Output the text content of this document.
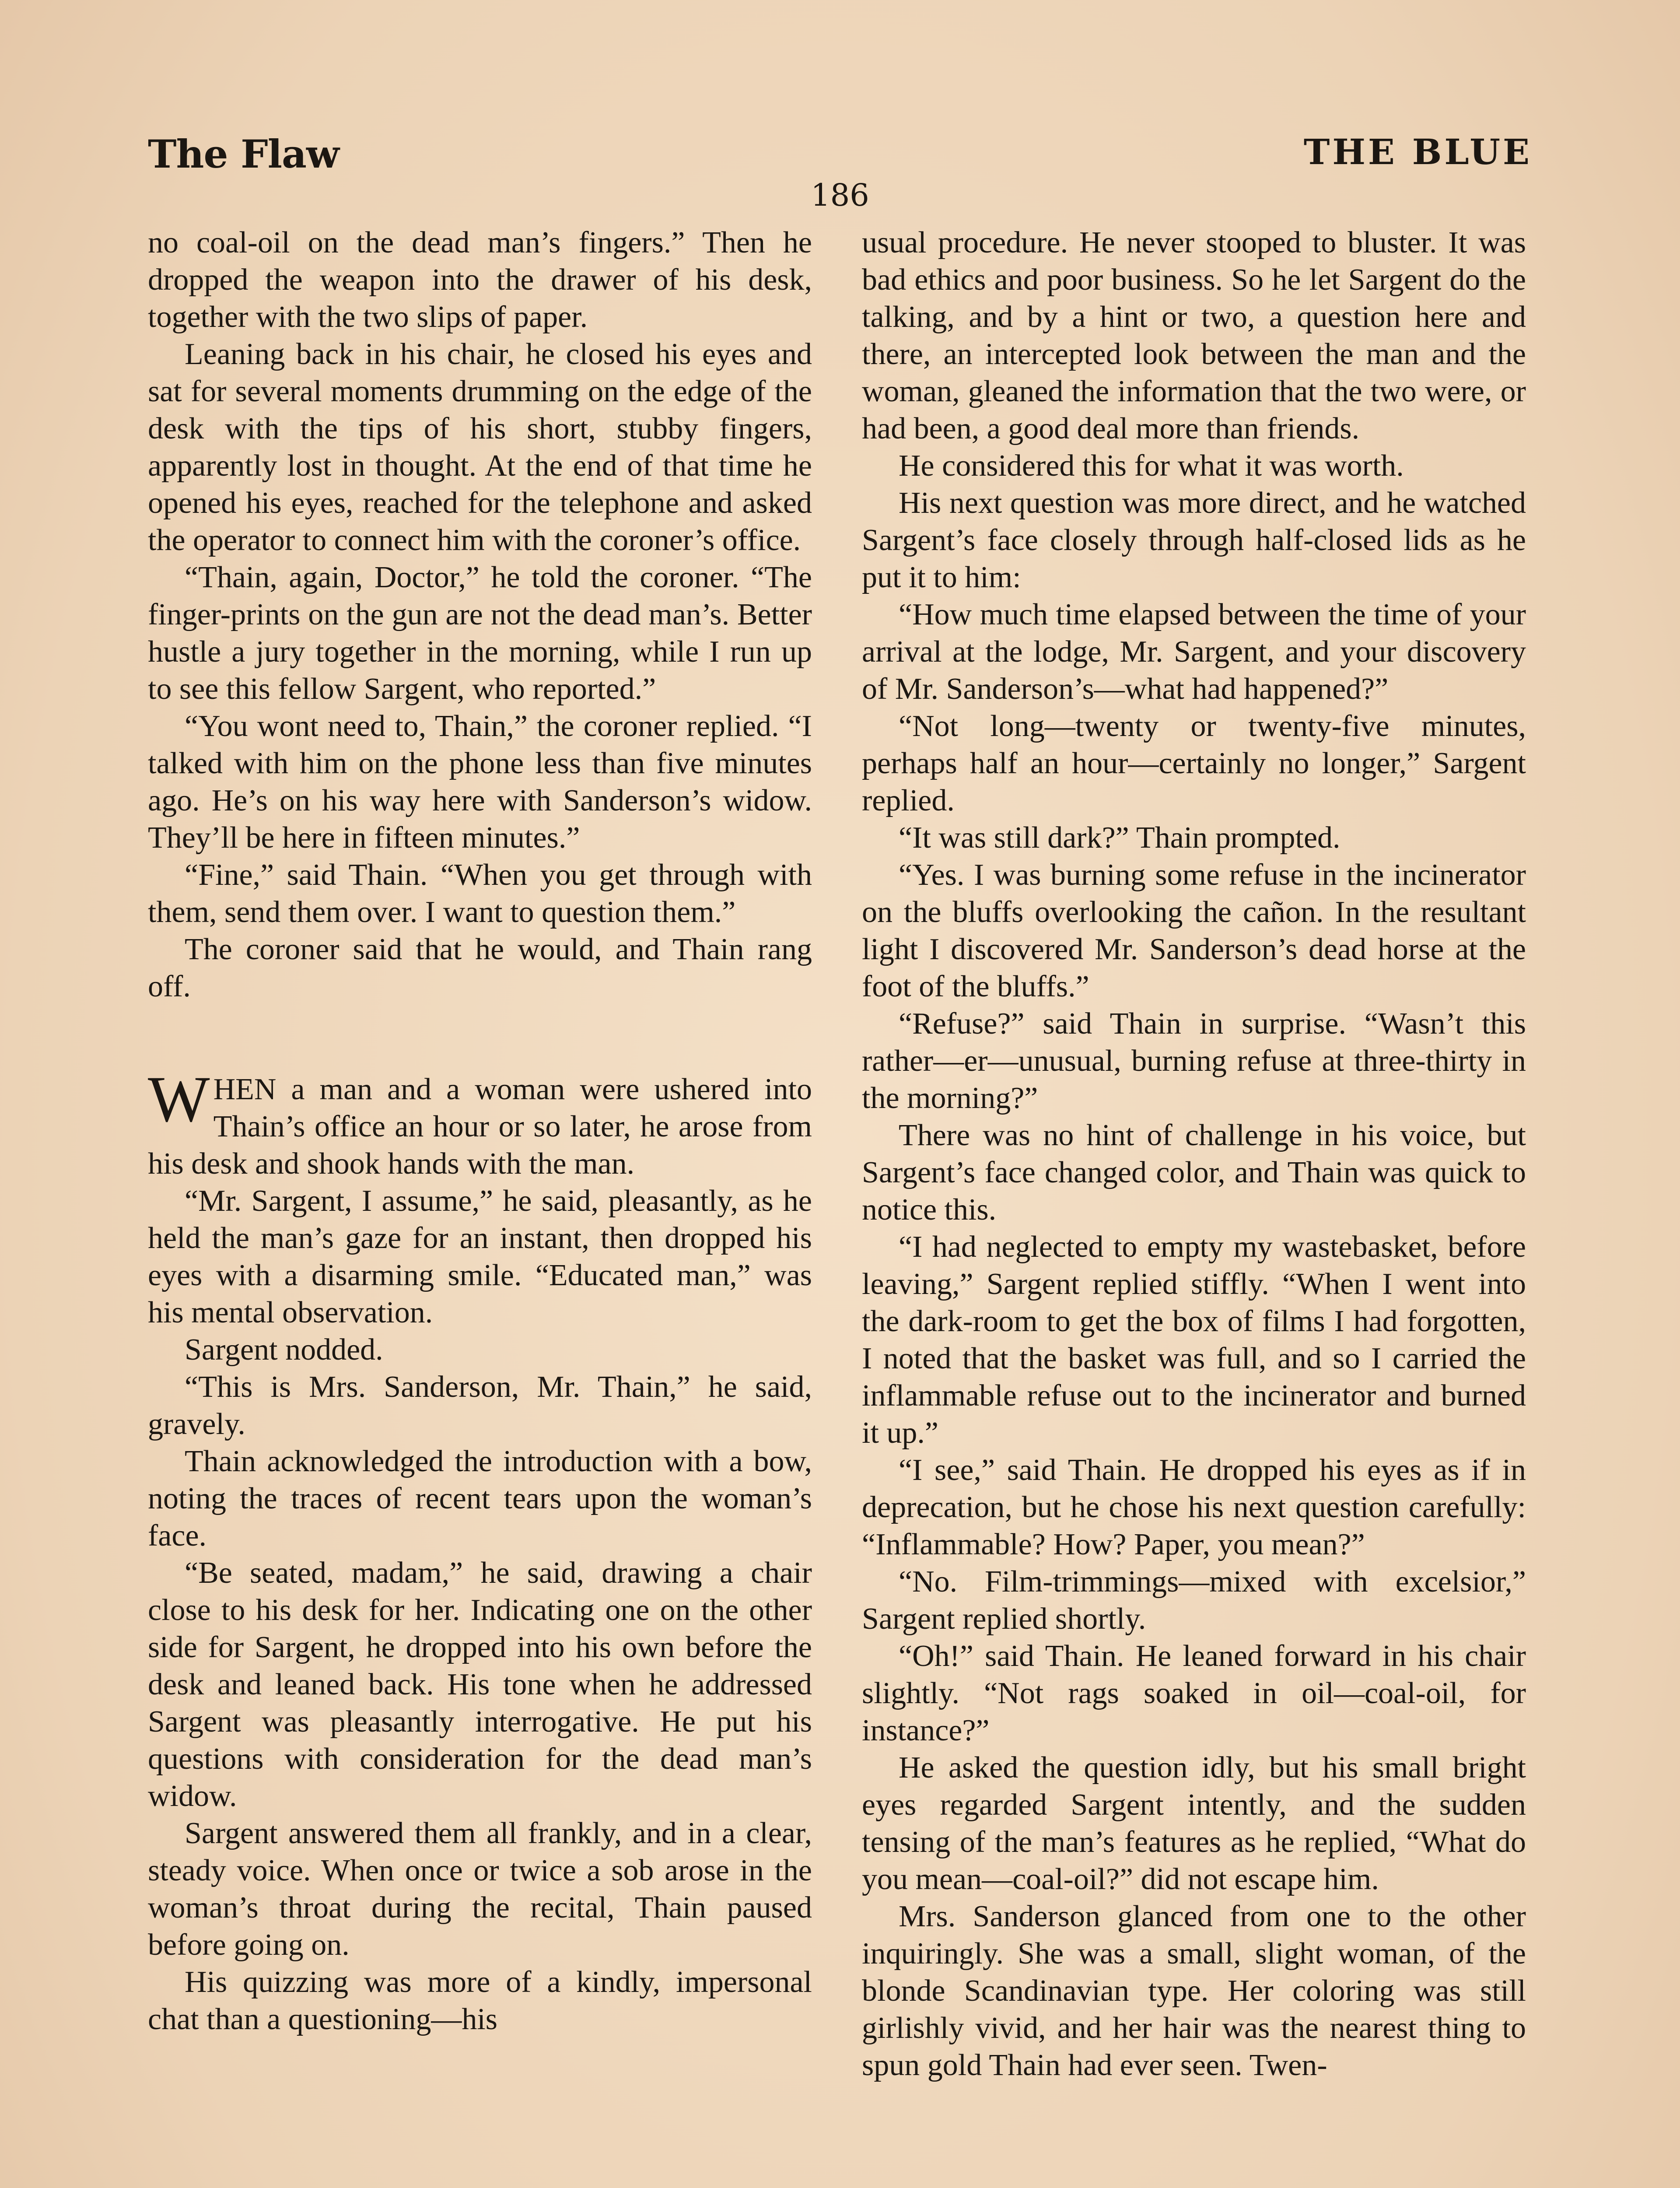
The Flaw	THE BLUE
186

no coal-oil on the dead man’s fingers.” Then he dropped the weapon into the drawer of his desk, together with the two slips of paper.

Leaning back in his chair, he closed his eyes and sat for several moments drumming on the edge of the desk with the tips of his short, stubby fingers, apparently lost in thought. At the end of that time he opened his eyes, reached for the telephone and asked the operator to connect him with the coroner’s office.

“Thain, again, Doctor,” he told the coroner. “The finger-prints on the gun are not the dead man’s. Better hustle a jury together in the morning, while I run up to see this fellow Sargent, who reported.”

“You wont need to, Thain,” the coroner replied. “I talked with him on the phone less than five minutes ago. He’s on his way here with Sanderson’s widow. They’ll be here in fifteen minutes.”

“Fine,” said Thain. “When you get through with them, send them over. I want to question them.”

The coroner said that he would, and Thain rang off.

WHEN a man and a woman were ushered into Thain’s office an hour or so later, he arose from his desk and shook hands with the man.

“Mr. Sargent, I assume,” he said, pleasantly, as he held the man’s gaze for an instant, then dropped his eyes with a disarming smile. “Educated man,” was his mental observation.

Sargent nodded.

“This is Mrs. Sanderson, Mr. Thain,” he said, gravely.

Thain acknowledged the introduction with a bow, noting the traces of recent tears upon the woman’s face.

“Be seated, madam,” he said, drawing a chair close to his desk for her. Indicating one on the other side for Sargent, he dropped into his own before the desk and leaned back. His tone when he addressed Sargent was pleasantly interrogative. He put his questions with consideration for the dead man’s widow.

Sargent answered them all frankly, and in a clear, steady voice. When once or twice a sob arose in the woman’s throat during the recital, Thain paused before going on.

His quizzing was more of a kindly, impersonal chat than a questioning—his

usual procedure. He never stooped to bluster. It was bad ethics and poor business. So he let Sargent do the talking, and by a hint or two, a question here and there, an intercepted look between the man and the woman, gleaned the information that the two were, or had been, a good deal more than friends.

He considered this for what it was worth.

His next question was more direct, and he watched Sargent’s face closely through half-closed lids as he put it to him:

“How much time elapsed between the time of your arrival at the lodge, Mr. Sargent, and your discovery of Mr. Sanderson’s—what had happened?”

“Not long—twenty or twenty-five minutes, perhaps half an hour—certainly no longer,” Sargent replied.

“It was still dark?” Thain prompted.

“Yes. I was burning some refuse in the incinerator on the bluffs overlooking the cañon. In the resultant light I discovered Mr. Sanderson’s dead horse at the foot of the bluffs.”

“Refuse?” said Thain in surprise. “Wasn’t this rather—er—unusual, burning refuse at three-thirty in the morning?”

There was no hint of challenge in his voice, but Sargent’s face changed color, and Thain was quick to notice this.

“I had neglected to empty my wastebasket, before leaving,” Sargent replied stiffly. “When I went into the dark-room to get the box of films I had forgotten, I noted that the basket was full, and so I carried the inflammable refuse out to the incinerator and burned it up.”

“I see,” said Thain. He dropped his eyes as if in deprecation, but he chose his next question carefully: “Inflammable? How? Paper, you mean?”

“No. Film-trimmings—mixed with excelsior,” Sargent replied shortly.

“Oh!” said Thain. He leaned forward in his chair slightly. “Not rags soaked in oil—coal-oil, for instance?”

He asked the question idly, but his small bright eyes regarded Sargent intently, and the sudden tensing of the man’s features as he replied, “What do you mean—coal-oil?” did not escape him.

Mrs. Sanderson glanced from one to the other inquiringly. She was a small, slight woman, of the blonde Scandinavian type. Her coloring was still girlishly vivid, and her hair was the nearest thing to spun gold Thain had ever seen. Twen-
